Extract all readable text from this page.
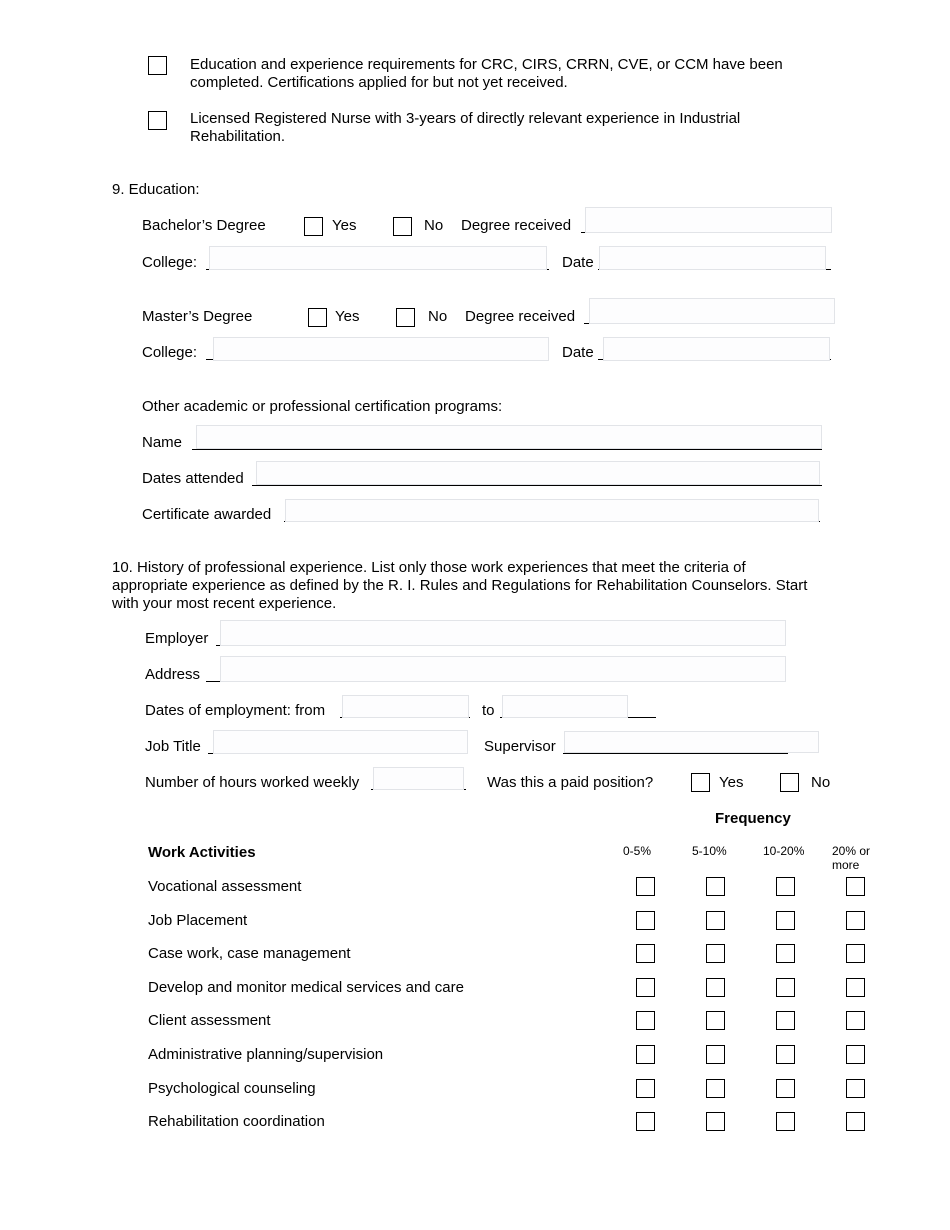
Education and experience requirements for CRC, CIRS, CRRN, CVE, or CCM have been
completed. Certifications applied for but not yet received.
Licensed Registered Nurse with 3-years of directly relevant experience in Industrial
Rehabilitation.
9. Education:
Bachelor’s Degree	Yes	No Degree received
College:	Date
Master’s Degree	Yes	No Degree received
College:	Date
Other academic or professional certification programs:
Name
Dates attended
Certificate awarded
10. History of professional experience. List only those work experiences that meet the criteria of
appropriate experience as defined by the R. I. Rules and Regulations for Rehabilitation Counselors. Start
with your most recent experience.
Employer
Address
Dates of employment: from	to
Job Title	Supervisor
Number of hours worked weekly	Was this a paid position?	Yes	No
Frequency
Work Activities	0-5%	5-10%	10-20% 20% or
more
Vocational assessment
Job Placement
Case work, case management
Develop and monitor medical services and care
Client assessment
Administrative planning/supervision
Psychological counseling
Rehabilitation coordination
